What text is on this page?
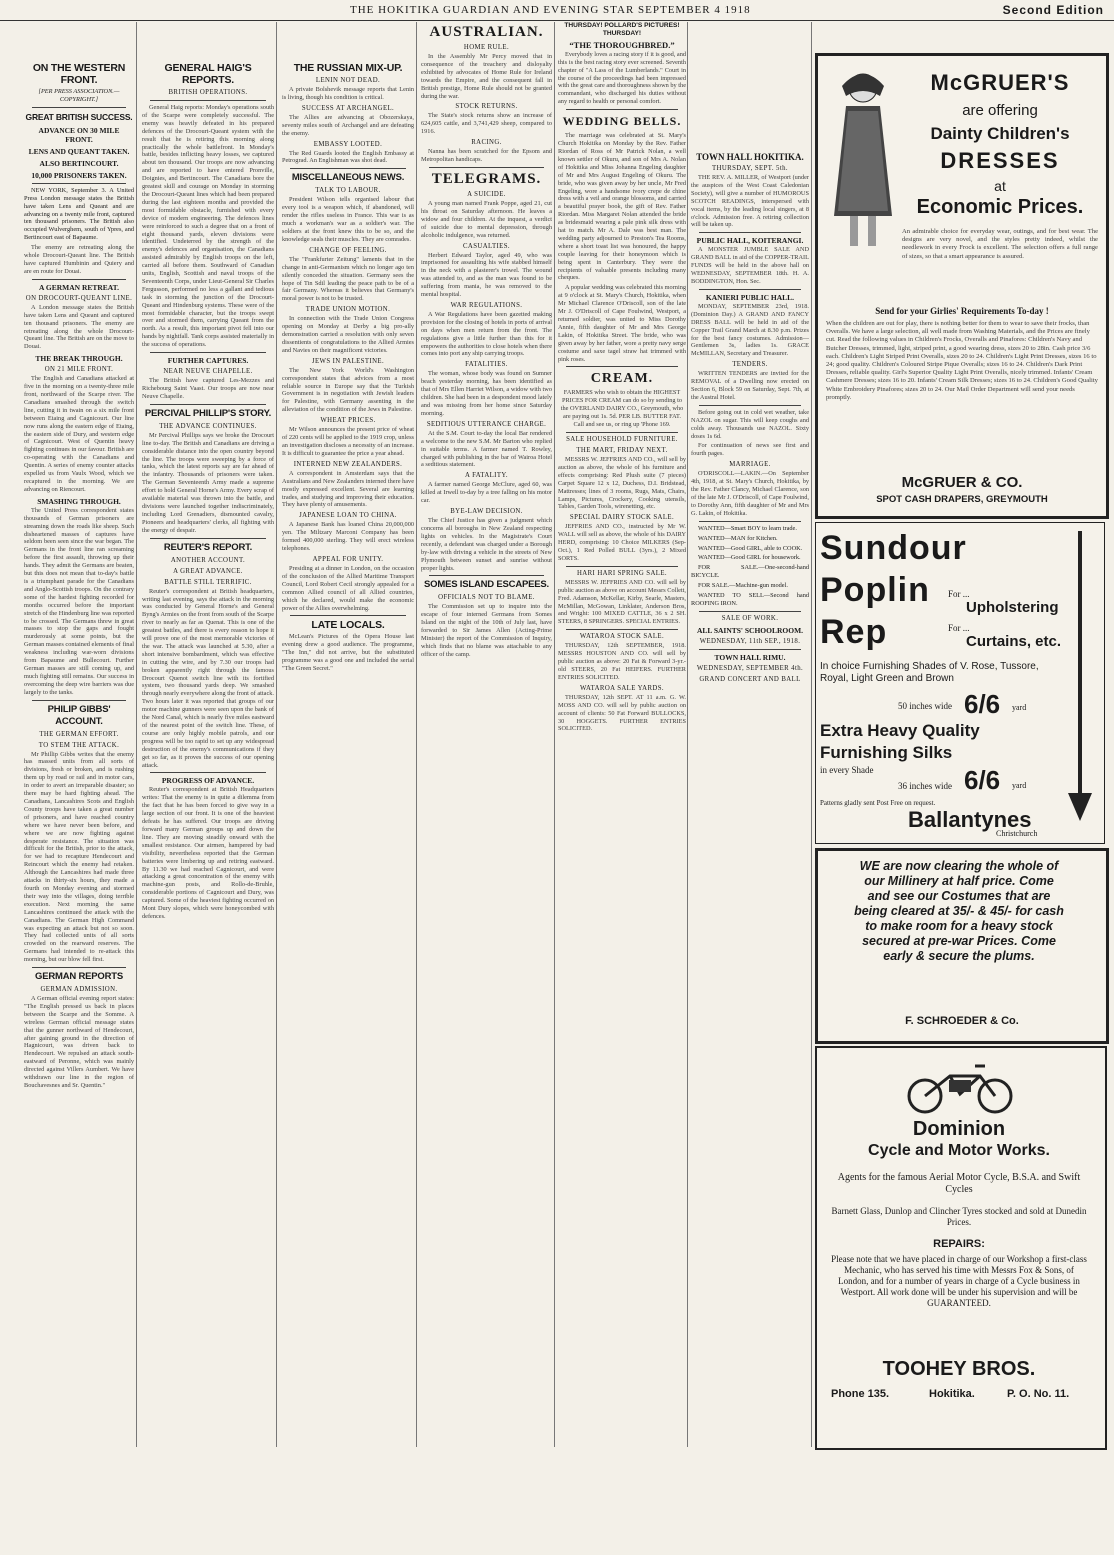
THE HOKITIKA GUARDIAN AND EVENING STAR SEPTEMBER 4 1918	Second Edition
ON THE WESTERN FRONT.
[PER PRESS ASSOCIATION.—COPYRIGHT.]
GREAT BRITISH SUCCESS.
ADVANCE ON 30 MILE FRONT.
LENS AND QUEANT TAKEN.
ALSO BERTINCOURT.
10,000 PRISONERS TAKEN.

NEW YORK, September 3. A United Press London message states the British have taken Lens and Queant and are advancing on a twenty mile front, captured ten thousand prisoners. The British also occupied Wulverghem, south of Ypres, and Bertincourt east of Bapaume.

The enemy are retreating along the whole Drocourt-Queant line. The British have captured Humbinin and Quiery and are en route for Douai.

A GERMAN RETREAT.
ON DROCOURT-QUEANT LINE.

A London message states the British have taken Lens and Queant and captured ten thousand prisoners. The enemy are retreating along the whole Drocourt-Queant line. The British are on the move to Douai.

THE BREAK THROUGH.
ON 21 MILE FRONT.

The English and Canadians attacked at five in the morning on a twenty-three mile front, northward of the Scarpe river. The Canadians smashed through the switch line, cutting it in twain on a six mile front between Etaing and Cagnicourt. Our line now runs along the eastern edge of Etaing, the eastern side of Dury, and western edge of Cagnicourt. West of Quentin heavy fighting continues in our favour. British are co-operating with the Canadians and Quentin. A series of enemy counter attacks expelled us from Vaulx Wood, which we recaptured in the morning. We are advancing on Riencourt.

SMASHING THROUGH.

The United Press correspondent states thousands of German prisoners are streaming down the roads like sheep. Such disheartened masses of captures have seldom been seen since the war began. The Germans in the front line ran screaming before the first assault, throwing up their hands. They admit the Germans are beaten, but this does not mean that to-day's battle is a triumphant parade for the Canadians and Anglo-Scottish troops. On the contrary some of the hardest fighting recorded for months occurred before the important stretch of the Hindenburg line was reported to be crossed. The Germans threw in great masses to stop the gaps and fought murderously at some points, but the German masses contained elements of final weakness including war-worn divisions from Bapaume and Bullecourt. Further German masses are still coming up, and much fighting still remains. Our success in overcoming the deep wire barriers was due largely to the tanks.

PHILIP GIBBS' ACCOUNT.
THE GERMAN EFFORT.
TO STEM THE ATTACK.

Mr Phillip Gibbs writes that the enemy has massed units from all sorts of divisions, fresh or broken, and is rushing them up by road or rail and in motor cars, in order to avert an irreparable disaster; so there may be hard fighting ahead. The Canadians, Lancashires Scots and English County troops have taken a great number of prisoners, and have reached country where we have never been before, and where we are now fighting against desperate resistance. The situation was difficult for the British, prior to the attack, for we had to recapture Hendecourt and Reincourt which the enemy had retaken. Although the Lancashires had made three attacks in thirty-six hours, they made a fourth on Monday evening and stormed their way into the villages, doing terrible execution. Next morning the same Lancashires continued the attack with the Canadians. The German High Command was expecting an attack but not so soon. They had collected units of all sorts crowded on the rearward reserves. The Germans had intended to re-attack this morning, but our blow fell first.

GERMAN REPORTS
GERMAN ADMISSION.

A German official evening report states: "The English pressed us back in places between the Scarpe and the Somme. A wireless German official message states that the gunner northward of Hendecourt, after gaining ground in the direction of Hagnicourt, was driven back to Hendecourt. We repulsed an attack south-eastward of Peronne, which was mainly directed against Villers Aumbert. We have withdrawn our line in the region of Bouchavesnes and Sr. Quentin."

GENERAL HAIG'S REPORTS.
BRITISH OPERATIONS.

General Haig reports: Monday's operations south of the Scarpe were completely successful. The enemy was heavily defeated in his prepared defences of the Drocourt-Queant system with the result that he is retiring this morning along practically the whole battlefront. In Monday's battle, besides inflicting heavy losses, we captured about ten thousand. Our troops are now advancing and are reported to have entered Pronville, Doignies, and Bertincourt. The Canadians bore the greatest skill and courage on Monday in storming the Drocourt-Queant lines which had been prepared during the last eighteen months and provided the most formidable obstacle, furnished with every device of modern engineering. The defences lines were reinforced to such a degree that on a front of eight thousand yards, eleven divisions were identified. Undeterred by the strength of the enemy's defences and organisation, the Canadians assisted admirably by English troops on the left, carried all before them. Southward of Canadian units, English, Scottish and naval troops of the Seventeenth Corps, under Lieut-General Sir Charles Fergusson, performed no less a gallant and tedious task in storming the junction of the Drocourt-Queant and Hindenburg systems. These were of the most formidable character, but the troops swept over and stormed them, carrying Queant from the north. As a result, this important pivot fell into our hands by nightfall. Tank corps assisted materially in the success of operations.

FURTHER CAPTURES.
NEAR NEUVE CHAPELLE.

The British have captured Les-Mezzes and Richebourg Saint Vaast. Our troops are now near Neuve Chapelle.

PERCIVAL PHILLIP'S STORY.
THE ADVANCE CONTINUES.

Mr Percival Phillips says we broke the Drocourt line to-day. The British and Canadians are driving a considerable distance into the open country beyond the line. The troops were sweeping by a force of tanks, which the latest reports say are far ahead of the infantry. Thousands of prisoners were taken. The German Seventeenth Army made a supreme effort to hold General Horne's Army. Every scrap of available material was thrown into the battle, and divisions were launched together indiscriminately, including Lord Grenadiers, dismounted cavalry, Pioneers and headquarters' clerks, all fighting with the energy of despair.

REUTER'S REPORT.
ANOTHER ACCOUNT.
A GREAT ADVANCE.
BATTLE STILL TERRIFIC.

Reuter's correspondent at British headquarters, writing last evening, says the attack in the morning was conducted by General Horne's and General Byng's Armies on the front from south of the Scarpe river to nearly as far as Quenat. This is one of the greatest battles, and there is every reason to hope it will prove one of the most memorable victories of the war. The attack was launched at 5.30, after a short intensive bombardment, which was effective in cutting the wire, and by 7.30 our troops had broken apparently right through the famous Drocourt Quenot switch line with its fortified system, two thousand yards deep. We smashed through nearly everywhere along the front of attack. Two hours later it was reported that groups of our motor machine gunners were seen upon the bank of the Nord Canal, which is nearly five miles eastward of the nearest point of the switch line. These, of course are only highly mobile patrols, and our progress will be too rapid to set up any widespread destruction of the enemy's communications if they get so far, as it proves the success of our opening attack.

PROGRESS OF ADVANCE.

Reuter's correspondent at British Headquarters writes: That the enemy is in quite a dilemma from the fact that he has been forced to give way in a large section of our front. It is one of the heaviest defeats he has suffered. Our troops are driving forward many German groups up and down the line. They are moving steadily onward with the smallest resistance. Our airmen, hampered by bad visibility, nevertheless reported that the German batteries were limbering up and retiring eastward. By 11.30 we had reached Cagnicourt, and were attacking a great concentration of the enemy with machine-gun posts, and Rollo-de-Bruhle, considerable portions of Cagnicourt and Dury, was captured. Some of the heaviest fighting occurred on Mont Dury slopes, which were honeycombed with defences.

THE RUSSIAN MIX-UP.
LENIN NOT DEAD.

A private Bolshevik message reports that Lenin is living, though his condition is critical.

SUCCESS AT ARCHANGEL.

The Allies are advancing at Obozerskaya, seventy miles south of Archangel and are defeating the enemy.

EMBASSY LOOTED.

The Red Guards looted the English Embassy at Petrograd. An Englishman was shot dead.

MISCELLANEOUS NEWS.
TALK TO LABOUR.

President Wilson tells organised labour that every tool is a weapon which, if abandoned, will render the rifles useless in France. This war is as much a workman's war as a soldier's war. The soldiers at the front knew this to be so, and the knowledge seals their muscles. They are comrades.

CHANGE OF FEELING.

The "Frankfurter Zeitung" laments that in the change in anti-Germanism which no longer ago ten silently conceded the situation. Germany sees the hope of Tin Sdil leading the peace path to be of a fair Germany. Whereas it believes that Germany's moral power is not to be trusted.

TRADE UNION MOTION.

In connection with the Trade Union Congress opening on Monday at Derby a big pro-ally demonstration carried a resolution with only seven dissentients of congratulations to the Allied Armies and Navies on their magnificent victories.

JEWS IN PALESTINE.

The New York World's Washington correspondent states that advices from a most reliable source in Europe say that the Turkish Government is in negotiation with Jewish leaders for Palestine, with Germany assenting in the alleviation of the condition of the Jews in Palestine.

WHEAT PRICES.

Mr Wilson announces the present price of wheat of 220 cents will be applied to the 1919 crop, unless an investigation discloses a necessity of an increase. It is difficult to guarantee the price a year ahead.

INTERNED NEW ZEALANDERS.

A correspondent in Amsterdam says that the Australians and New Zealanders interned there have mostly expressed excellent. Several are learning trades, and studying and improving their education. They have plenty of amusements.

JAPANESE LOAN TO CHINA.

A Japanese Bank has loaned China 20,000,000 yen. The Miltzary Marconi Company has been formed 400,000 sterling. They will erect wireless telephones.

APPEAL FOR UNITY.

Presiding at a dinner in London, on the occasion of the conclusion of the Allied Maritime Transport Council, Lord Robert Cecil strongly appealed for a common Allied council of all Allied countries, which he declared, would make the economic power of the Allies overwhelming.

LATE LOCALS.

McLean's Pictures of the Opera House last evening drew a good audience. The programme, "The Inn," did not arrive, but the substituted programme was a good one and included the serial "The Green Secret."

AUSTRALIAN.
HOME RULE.

In the Assembly Mr Percy moved that in consequence of the treachery and disloyalty exhibited by advocates of Home Rule for Ireland towards the Empire, and the consequent fall in British prestige, Home Rule should not be granted during the war.

STOCK RETURNS.

The State's stock returns show an increase of 624,605 cattle, and 3,741,429 sheep, compared to 1916.

RACING.

Nanna has been scratched for the Epsom and Metropolitan handicaps.

TELEGRAMS.
A SUICIDE.

A young man named Frank Poppe, aged 21, cut his throat on Saturday afternoon. He leaves a widow and four children. At the inquest, a verdict of suicide due to mental depression, through alcoholic indulgence, was returned.

CASUALTIES.

Herbert Edward Taylor, aged 49, who was imprisoned for assaulting his wife stabbed himself in the neck with a plasterer's trowel. The wound was attended to, and as the man was found to be suffering from mania, he was removed to the mental hospital.

WAR REGULATIONS.

A War Regulations have been gazetted making provision for the closing of hotels in ports of arrival on days when men return from the front. The regulations give a little further than this for it empowers the authorities to close hotels when there comes into port any ship carrying troops.

FATALITIES.

The woman, whose body was found on Sumner beach yesterday morning, has been identified as that of Mrs Ellen Harriet Wilson, a widow with two children. She had been in a despondent mood lately and was missing from her home since Saturday morning.

SEDITIOUS UTTERANCE CHARGE.

At the S.M. Court to-day the local Bar rendered a welcome to the new S.M. Mr Barton who replied in suitable terms. A farmer named T. Rowley, charged with publishing in the bar of Wairoa Hotel a seditious statement.

A FATALITY.

A farmer named George McClure, aged 60, was killed at Irwell to-day by a tree falling on his motor car.

BYE-LAW DECISION.

The Chief Justice has given a judgment which concerns all boroughs in New Zealand respecting lights on vehicles. In the Magistrate's Court recently, a defendant was charged under a Borough by-law with driving a vehicle in the streets of New Plymouth between sunset and sunrise without proper lights.

SOMES ISLAND ESCAPEES.
OFFICIALS NOT TO BLAME.

The Commission set up to inquire into the escape of four interned Germans from Somes Island on the night of the 10th of July last, have forwarded to Sir James Allen (Acting-Prime Minister) the report of the Commission of Inquiry, which finds that no blame was attachable to any officer of the camp.

THURSDAY! POLLARD'S PICTURES! THURSDAY!
“THE THOROUGHBRED.”

Everybody loves a racing story if it is good, and this is the best racing story ever screened. Seventh chapter of "A Lass of the Lumberlands." Court in the course of the proceedings had been impressed with the great care and thoroughness shown by the commandant, who discharged his duties without any regard to health or personal comfort.

WEDDING BELLS.

The marriage was celebrated at St. Mary's Church Hokitika on Monday by the Rev. Father Riordan of Ross of Mr Patrick Nolan, a well known settler of Okuru, and son of Mrs A. Nolan of Hokitika and Miss Johanna Engeling daughter of Mr and Mrs August Engeling of Okuru. The bride, who was given away by her uncle, Mr Fred Engeling, wore a handsome ivory crepe de chine dress with a veil and orange blossoms, and carried a beautiful prayer book, the gift of Rev. Father Riordan. Miss Margaret Nolan attended the bride as bridesmaid wearing a pale pink silk dress with hat to match. Mr A. Dale was best man. The wedding party adjourned to Preston's Tea Rooms, where a short toast list was honoured, the happy couple leaving for their honeymoon which is being spent in Canterbury. They were the recipients of valuable presents including many cheques.

A popular wedding was celebrated this morning at 9 o'clock at St. Mary's Church, Hokitika, when Mr Michael Clarence O'Driscoll, son of the late Mr J. O'Driscoll of Cape Foulwind, Westport, a returned soldier, was united to Miss Dorothy Annie, fifth daughter of Mr and Mrs George Lakin, of Hokitika Street. The bride, who was given away by her father, wore a pretty navy serge costume and saxe tagel straw hat trimmed with pink roses.

CREAM.

FARMERS who wish to obtain the HIGHEST PRICES FOR CREAM can do so by sending to the OVERLAND DAIRY CO., Greymouth, who are paying out 1s. 5d. PER LB. BUTTER FAT. Call and see us, or ring up 'Phone 169.

SALE HOUSEHOLD FURNITURE.
THE MART, FRIDAY NEXT.

MESSRS W. JEFFRIES AND CO., will sell by auction as above, the whole of his furniture and effects comprising: Red Plush suite (7 pieces) Carpet Square 12 x 12, Duchess, D.I. Bridstead, Mattresses; lines of 3 rooms, Rugs, Mats, Chairs, Lamps, Pictures, Crockery, Cooking utensils, Tables, Garden Tools, wirenetting, etc.

SPECIAL DAIRY STOCK SALE.

JEFFRIES AND CO., instructed by Mr W. WALL will sell as above, the whole of his DAIRY HERD, comprising: 10 Choice MILKERS (Sep-Oct.), 1 Red Polled BULL (3yrs.), 2 Mixed SORTS.

HARI HARI SPRING SALE.

MESSRS W. JEFFRIES AND CO. will sell by public auction as above on account Messrs Collett, Fred. Adamson, McKellar, Kirby, Searle, Masters, McMillan, McGowan, Linklater, Anderson Bros, and Wright: 100 MIXED CATTLE, 36 x 2 SH. STEERS, 8 SPRINGERS. SPECIAL ENTRIES.

WATAROA STOCK SALE.

THURSDAY, 12th SEPTEMBER, 1918. MESSRS HOUSTON AND CO. will sell by public auction as above: 20 Fat & Forward 3-yr.-old STEERS, 20 Fat HEIFERS. FURTHER ENTRIES SOLICITED.

WATAROA SALE YARDS.

THURSDAY, 12th SEPT. AT 11 a.m. G. W. MOSS AND CO. will sell by public auction on account of clients: 50 Fat Forward BULLOCKS, 30 HOGGETS. FURTHER ENTRIES SOLICITED.

TOWN HALL HOKITIKA.
THURSDAY, SEPT. 5th.

THE REV. A. MILLER, of Westport (under the auspices of the West Coast Caledonian Society), will give a number of HUMOROUS SCOTCH READINGS, interspersed with vocal items, by the leading local singers, at 8 o'clock. Admission free. A retiring collection will be taken up.

PUBLIC HALL, KOITERANGI.

A MONSTER JUMBLE SALE AND GRAND BALL in aid of the COPPER-TRAIL FUNDS will be held in the above hall on WEDNESDAY, SEPTEMBER 18th. H. A. BODDINGTON, Hon. Sec.

KANIERI PUBLIC HALL.

MONDAY, SEPTEMBER 23rd, 1918. (Dominion Day.) A GRAND AND FANCY DRESS BALL will be held in aid of the Copper Trail Grand March at 8.30 p.m. Prizes for the best fancy costumes. Admission—Gentlemen 3s, ladies 1s. GRACE McMILLAN, Secretary and Treasurer.

TENDERS.

WRITTEN TENDERS are invited for the REMOVAL of a Dwelling now erected on Section 6, Block 59 on Saturday, Sept. 7th, at the Austral Hotel.

Before going out in cold wet weather, take NAZOL on sugar. This will keep coughs and colds away. Thousands use NAZOL. Sixty doses 1s 6d.

For continuation of news see first and fourth pages.

MARRIAGE.

O'DRISCOLL—LAKIN.—On September 4th, 1918, at St. Mary's Church, Hokitika, by the Rev. Father Clancy, Michael Clarence, son of the late Mr J. O'Driscoll, of Cape Foulwind, to Dorothy Ann, fifth daughter of Mr and Mrs G. Lakin, of Hokitika.

WANTED—Smart BOY to learn trade.

WANTED—MAN for Kitchen.

WANTED—Good GIRL, able to COOK.

WANTED—Good GIRL for housework.

FOR SALE.—One-second-hand BICYCLE.

FOR SALE.—Machine-gun model.

WANTED TO SELL—Second hand ROOFING IRON.

SALE OF WORK.
ALL SAINTS' SCHOOLROOM.
WEDNESDAY, 11th SEP., 1918.
TOWN HALL RIMU.
WEDNESDAY, SEPTEMBER 4th.
GRAND CONCERT AND BALL
McGRUER'S
are offering
Dainty Children's
DRESSES
at
Economic Prices.
An admirable choice for everyday wear, outings, and for best wear. The designs are very novel, and the styles pretty indeed, whilst the needlework in every Frock is excellent. The selection offers a full range of sizes, so that a smart appearance is assured.
Send for your Girlies' Requirements To-day !
When the children are out for play, there is nothing better for them to wear to save their frocks, than Overalls. We have a large selection, all well made from Washing Materials, and the Prices are finely cut. Read the following values in Children's Frocks, Overalls and Pinafores: Children's Navy and Butcher Dresses, trimmed, light, striped print, a good wearing dress, sizes 20 to 28in. Cash price 3/6 each. Children's Light Striped Print Overalls, sizes 20 to 24. Children's Light Print Dresses, sizes 16 to 24; good quality. Children's Coloured Stripe Pique Overalls; sizes 16 to 24. Children's Dark Print Dresses, reliable quality. Girl's Superior Quality Light Print Overalls, nicely trimmed. Infants' Cream Cashmere Dresses; sizes 16 to 20. Infants' Cream Silk Dresses; sizes 16 to 24. Children's Good Quality White Embroidery Pinafores; sizes 20 to 24. Our Mail Order Department will send your needs promptly.
McGRUER & CO.
SPOT CASH DRAPERS, GREYMOUTH
Sundour
Poplin
Rep
For ...
Upholstering
For ...
Curtains, etc.
In choice Furnishing Shades of V. Rose, Tussore, Royal, Light Green and Brown
50 inches wide 6/6 yard
Extra Heavy Quality
Furnishing Silks
in every Shade
36 inches wide 6/6 yard
Patterns gladly sent Post Free on request.
Ballantynes
Christchurch
WE are now clearing the whole of our Millinery at half price. Come and see our Costumes that are being cleared at 35/- & 45/- for cash to make room for a heavy stock secured at pre-war Prices. Come early & secure the plums.
F. SCHROEDER & Co.
Dominion
Cycle and Motor Works.
Agents for the famous Aerial Motor Cycle, B.S.A. and Swift Cycles
Barnett Glass, Dunlop and Clincher Tyres stocked and sold at Dunedin Prices.
REPAIRS:
Please note that we have placed in charge of our Workshop a first-class Mechanic, who has served his time with Messrs Fox & Sons, of London, and for a number of years in charge of a Cycle business in Westport. All work done will be under his supervision and will be GUARANTEED.
TOOHEY BROS.
Phone 135.	Hokitika.	P. O. No. 11.
